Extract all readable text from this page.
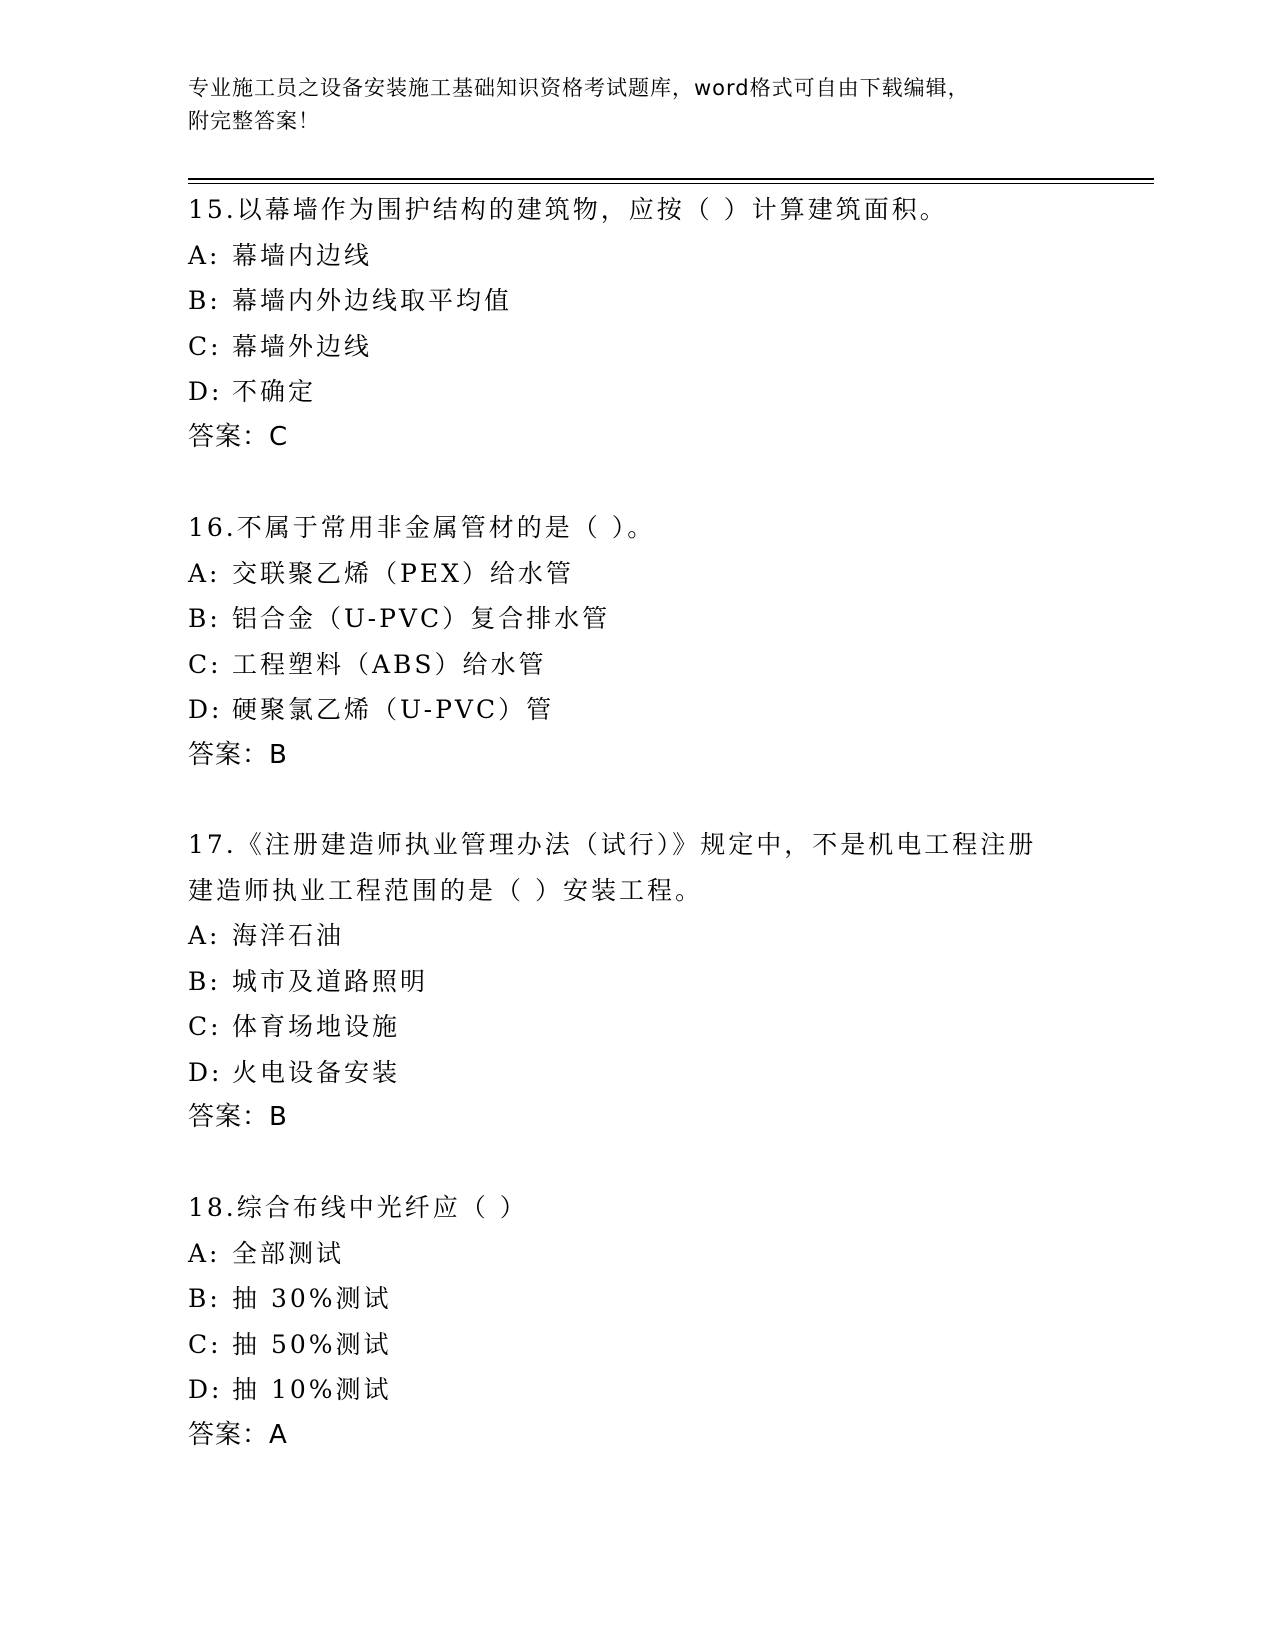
专业施工员之设备安装施工基础知识资格考试题库，word格式可自由下载编辑，
附完整答案！
15.以幕墙作为围护结构的建筑物，应按（ ）计算建筑面积。
A: 幕墙内边线
B: 幕墙内外边线取平均值
C: 幕墙外边线
D: 不确定
答案：C
16.不属于常用非金属管材的是（ ）。
A: 交联聚乙烯（PEX）给水管
B: 铝合金（U-PVC）复合排水管
C: 工程塑料（ABS）给水管
D: 硬聚氯乙烯（U-PVC）管
答案：B
17.《注册建造师执业管理办法（试行）》规定中，不是机电工程注册
建造师执业工程范围的是（ ）安装工程。
A: 海洋石油
B: 城市及道路照明
C: 体育场地设施
D: 火电设备安装
答案：B
18.综合布线中光纤应（ ）
A: 全部测试
B: 抽 30%测试
C: 抽 50%测试
D: 抽 10%测试
答案：A
